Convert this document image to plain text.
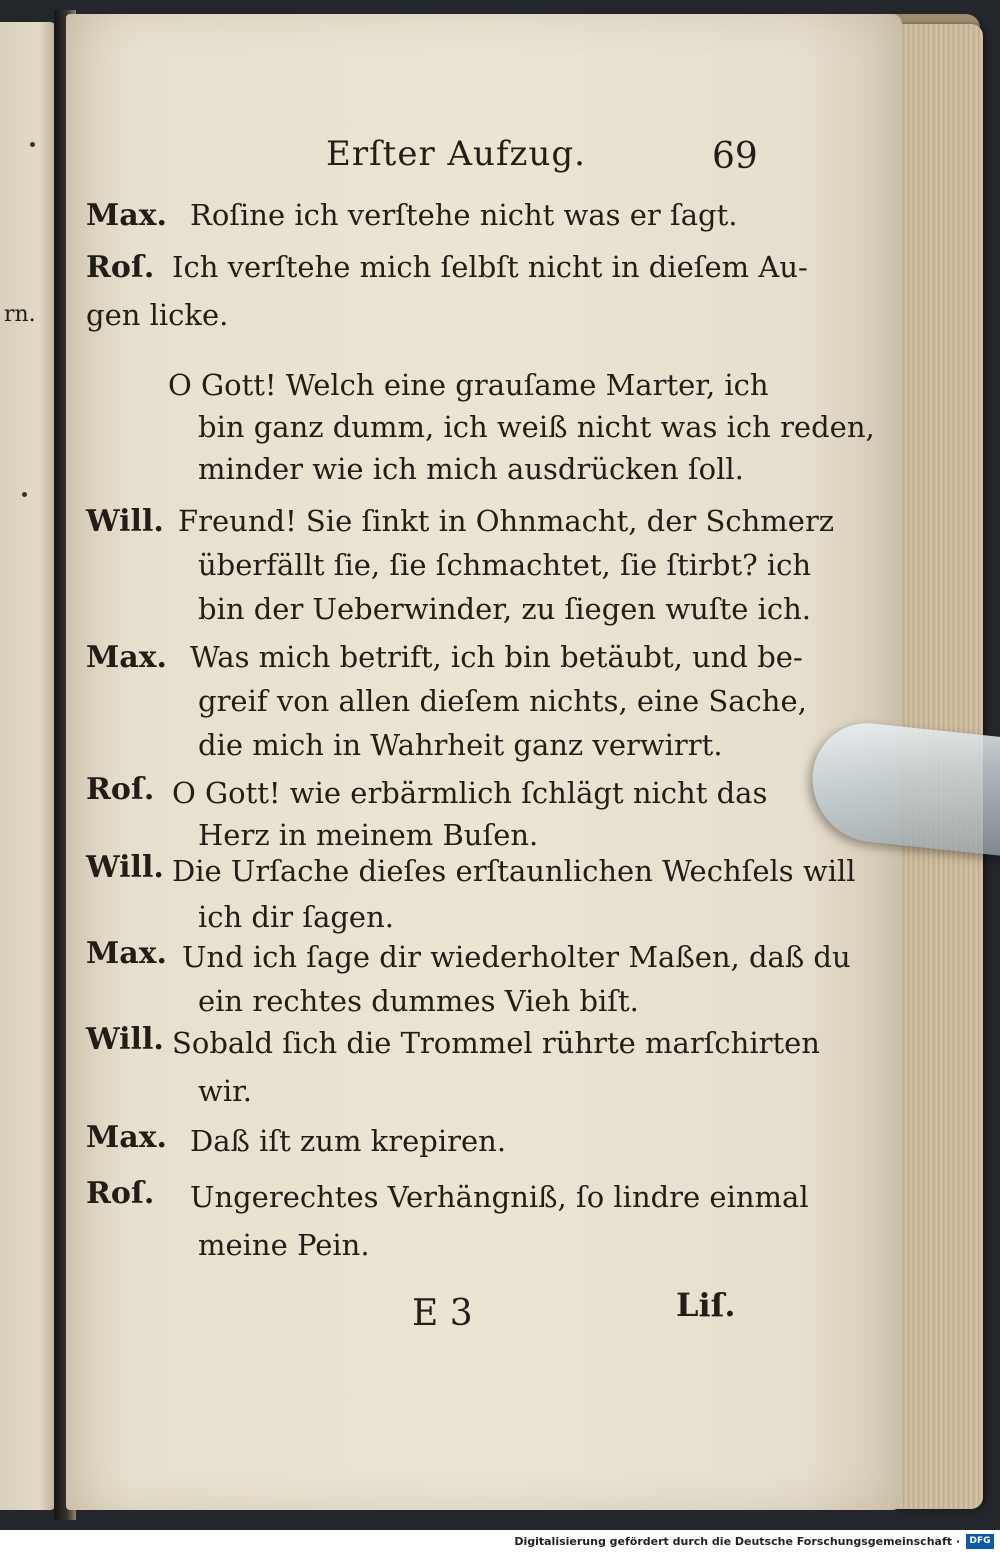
rn.
Erſter Aufzug.	69
Max. Roſine ich verſtehe nicht was er ſagt.
Roſ. Ich verſtehe mich ſelbſt nicht in dieſem Au-
gen licke.
O Gott! Welch eine grauſame Marter, ich
bin ganz dumm, ich weiß nicht was ich reden,
minder wie ich mich ausdrücken ſoll.
Will. Freund! Sie ſinkt in Ohnmacht, der Schmerz
überfällt ſie, ſie ſchmachtet, ſie ſtirbt? ich
bin der Ueberwinder, zu ſiegen wuſte ich.
Max. Was mich betrift, ich bin betäubt, und be-
greif von allen dieſem nichts, eine Sache,
die mich in Wahrheit ganz verwirrt.
Roſ. O Gott! wie erbärmlich ſchlägt nicht das
Herz in meinem Buſen.
Will. Die Urſache dieſes erſtaunlichen Wechſels will
ich dir ſagen.
Max. Und ich ſage dir wiederholter Maßen, daß du
ein rechtes dummes Vieh biſt.
Will. Sobald ſich die Trommel rührte marſchirten
wir.
Max. Daß iſt zum krepiren.
Roſ. Ungerechtes Verhängniß, ſo lindre einmal
meine Pein.
E 3	Liſ.
Digitalisierung gefördert durch die Deutsche Forschungsgemeinschaft ·	DFG
